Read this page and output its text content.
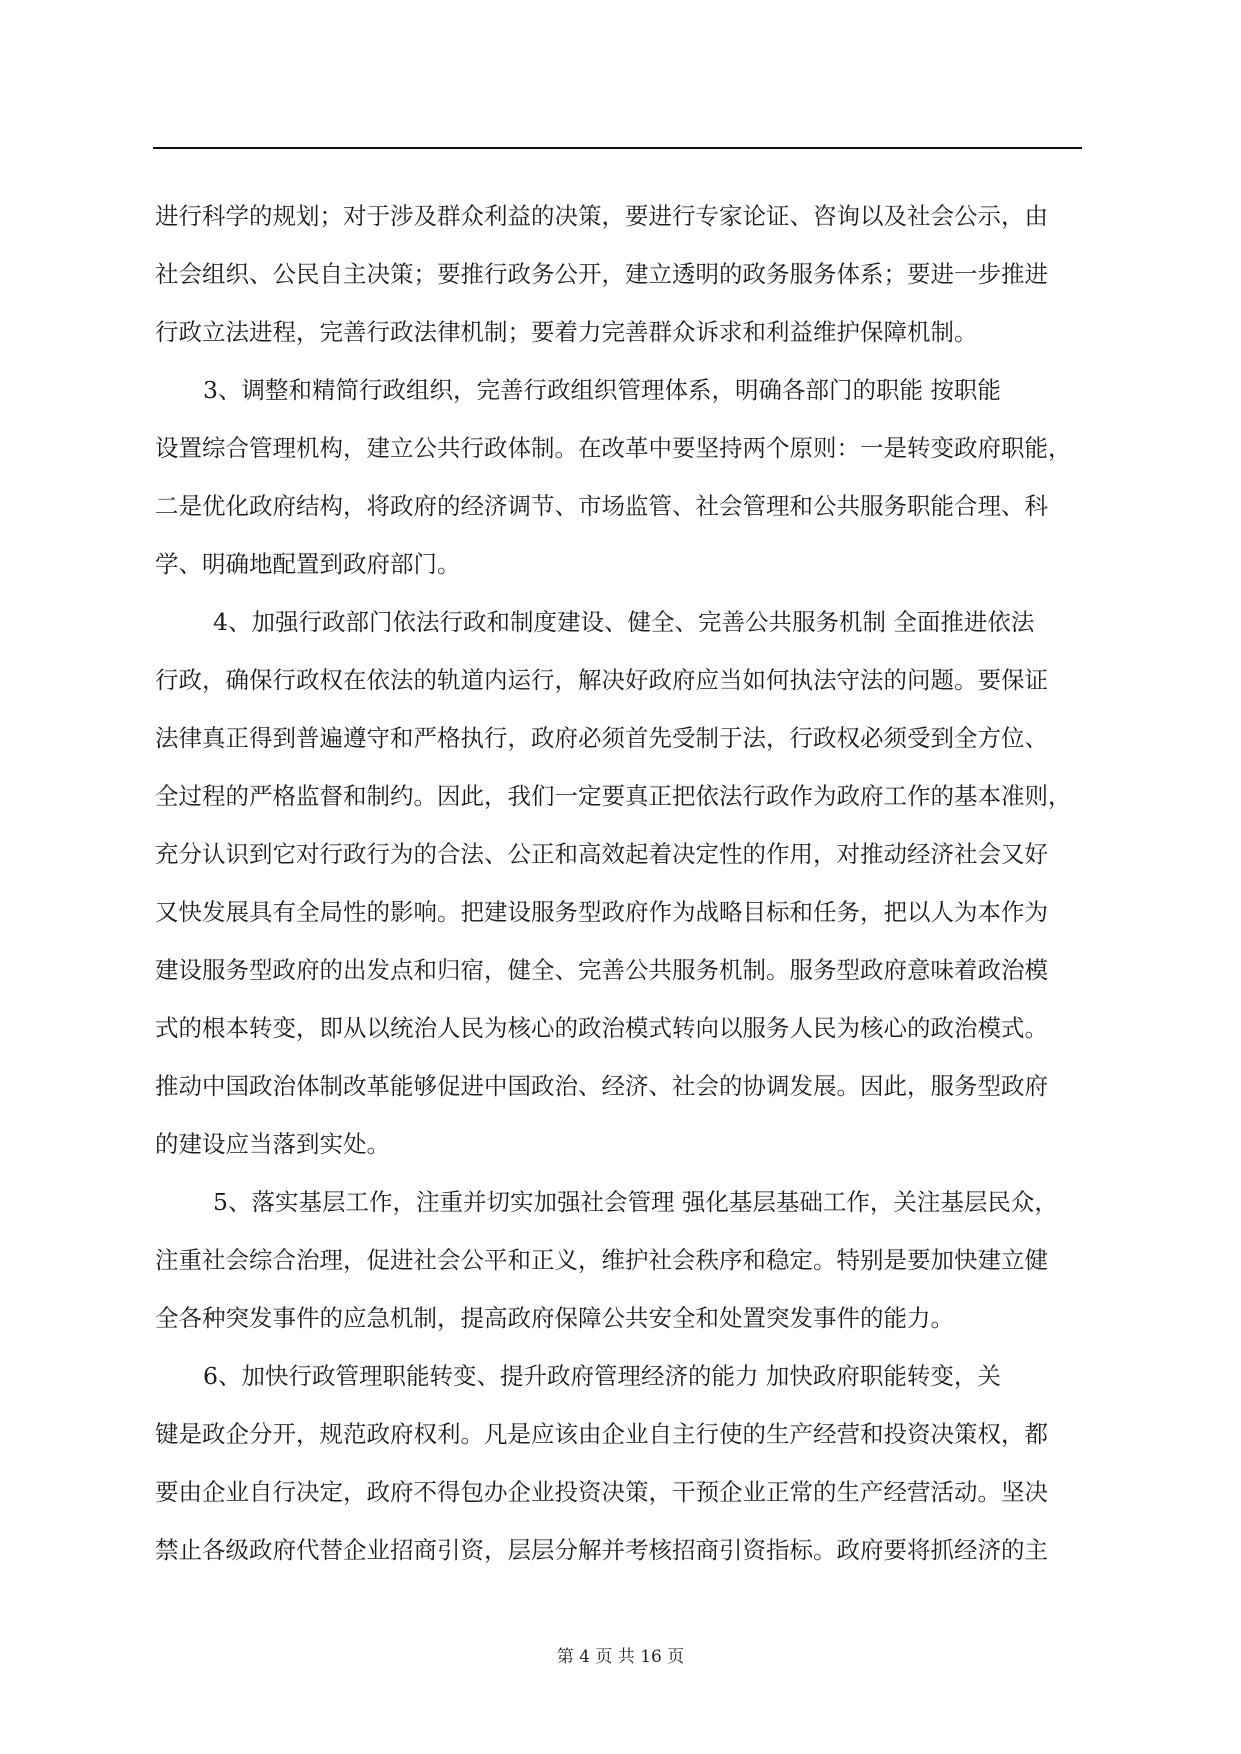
进行科学的规划；对于涉及群众利益的决策，要进行专家论证、咨询以及社会公示，由
社会组织、公民自主决策；要推行政务公开，建立透明的政务服务体系；要进一步推进
行政立法进程，完善行政法律机制；要着力完善群众诉求和利益维护保障机制。
3、调整和精简行政组织，完善行政组织管理体系，明确各部门的职能 按职能
设置综合管理机构，建立公共行政体制。在改革中要坚持两个原则：一是转变政府职能，
二是优化政府结构，将政府的经济调节、市场监管、社会管理和公共服务职能合理、科
学、明确地配置到政府部门。
4、加强行政部门依法行政和制度建设、健全、完善公共服务机制 全面推进依法
行政，确保行政权在依法的轨道内运行，解决好政府应当如何执法守法的问题。要保证
法律真正得到普遍遵守和严格执行，政府必须首先受制于法，行政权必须受到全方位、
全过程的严格监督和制约。因此，我们一定要真正把依法行政作为政府工作的基本准则，
充分认识到它对行政行为的合法、公正和高效起着决定性的作用，对推动经济社会又好
又快发展具有全局性的影响。把建设服务型政府作为战略目标和任务，把以人为本作为
建设服务型政府的出发点和归宿，健全、完善公共服务机制。服务型政府意味着政治模
式的根本转变，即从以统治人民为核心的政治模式转向以服务人民为核心的政治模式。
推动中国政治体制改革能够促进中国政治、经济、社会的协调发展。因此，服务型政府
的建设应当落到实处。
5、落实基层工作，注重并切实加强社会管理 强化基层基础工作，关注基层民众，
注重社会综合治理，促进社会公平和正义，维护社会秩序和稳定。特别是要加快建立健
全各种突发事件的应急机制，提高政府保障公共安全和处置突发事件的能力。
6、加快行政管理职能转变、提升政府管理经济的能力 加快政府职能转变，关
键是政企分开，规范政府权利。凡是应该由企业自主行使的生产经营和投资决策权，都
要由企业自行决定，政府不得包办企业投资决策，干预企业正常的生产经营活动。坚决
禁止各级政府代替企业招商引资，层层分解并考核招商引资指标。政府要将抓经济的主
第 4 页 共 16 页
